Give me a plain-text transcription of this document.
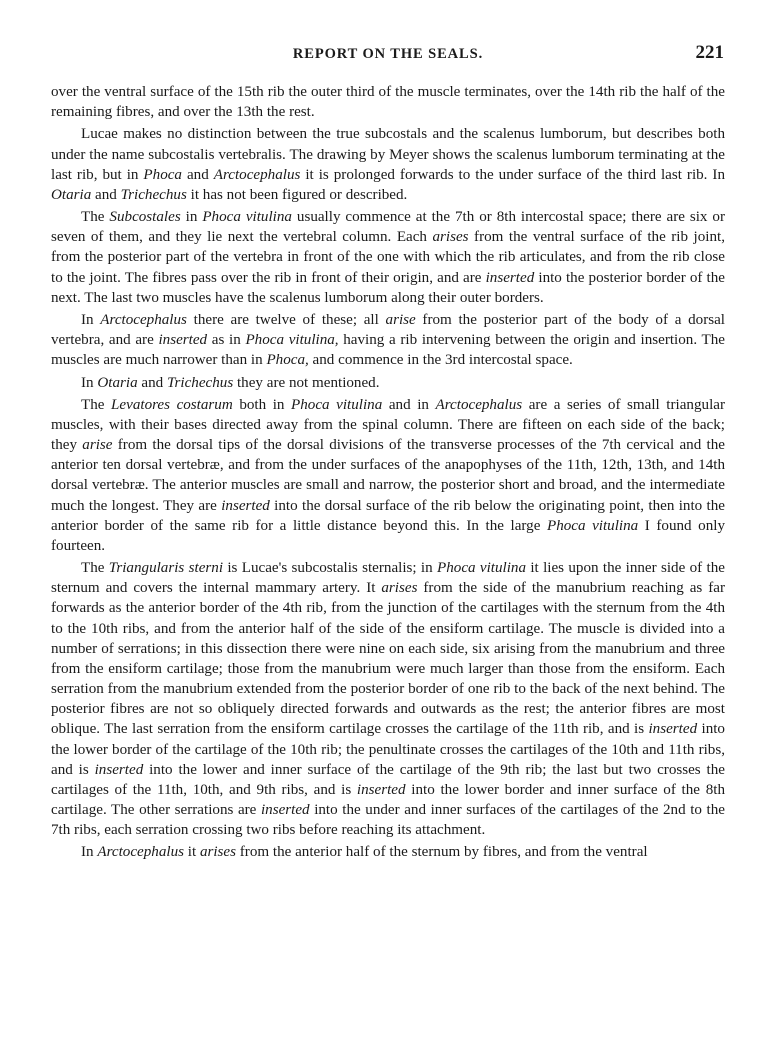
REPORT ON THE SEALS.	221

over the ventral surface of the 15th rib the outer third of the muscle terminates, over the 14th rib the half of the remaining fibres, and over the 13th the rest.

Lucae makes no distinction between the true subcostals and the scalenus lumborum, but describes both under the name subcostalis vertebralis. The drawing by Meyer shows the scalenus lumborum terminating at the last rib, but in Phoca and Arctocephalus it is prolonged forwards to the under surface of the third last rib. In Otaria and Trichechus it has not been figured or described.

The Subcostales in Phoca vitulina usually commence at the 7th or 8th intercostal space; there are six or seven of them, and they lie next the vertebral column. Each arises from the ventral surface of the rib joint, from the posterior part of the vertebra in front of the one with which the rib articulates, and from the rib close to the joint. The fibres pass over the rib in front of their origin, and are inserted into the posterior border of the next. The last two muscles have the scalenus lumborum along their outer borders.

In Arctocephalus there are twelve of these; all arise from the posterior part of the body of a dorsal vertebra, and are inserted as in Phoca vitulina, having a rib intervening between the origin and insertion. The muscles are much narrower than in Phoca, and commence in the 3rd intercostal space.

In Otaria and Trichechus they are not mentioned.

The Levatores costarum both in Phoca vitulina and in Arctocephalus are a series of small triangular muscles, with their bases directed away from the spinal column. There are fifteen on each side of the back; they arise from the dorsal tips of the dorsal divisions of the transverse processes of the 7th cervical and the anterior ten dorsal vertebræ, and from the under surfaces of the anapophyses of the 11th, 12th, 13th, and 14th dorsal vertebræ. The anterior muscles are small and narrow, the posterior short and broad, and the intermediate much the longest. They are inserted into the dorsal surface of the rib below the originating point, then into the anterior border of the same rib for a little distance beyond this. In the large Phoca vitulina I found only fourteen.

The Triangularis sterni is Lucae's subcostalis sternalis; in Phoca vitulina it lies upon the inner side of the sternum and covers the internal mammary artery. It arises from the side of the manubrium reaching as far forwards as the anterior border of the 4th rib, from the junction of the cartilages with the sternum from the 4th to the 10th ribs, and from the anterior half of the side of the ensiform cartilage. The muscle is divided into a number of serrations; in this dissection there were nine on each side, six arising from the manubrium and three from the ensiform cartilage; those from the manubrium were much larger than those from the ensiform. Each serration from the manubrium extended from the posterior border of one rib to the back of the next behind. The posterior fibres are not so obliquely directed forwards and outwards as the rest; the anterior fibres are most oblique. The last serration from the ensiform cartilage crosses the cartilage of the 11th rib, and is inserted into the lower border of the cartilage of the 10th rib; the penultinate crosses the cartilages of the 10th and 11th ribs, and is inserted into the lower and inner surface of the cartilage of the 9th rib; the last but two crosses the cartilages of the 11th, 10th, and 9th ribs, and is inserted into the lower border and inner surface of the 8th cartilage. The other serrations are inserted into the under and inner surfaces of the cartilages of the 2nd to the 7th ribs, each serration crossing two ribs before reaching its attachment.

In Arctocephalus it arises from the anterior half of the sternum by fibres, and from the ventral
